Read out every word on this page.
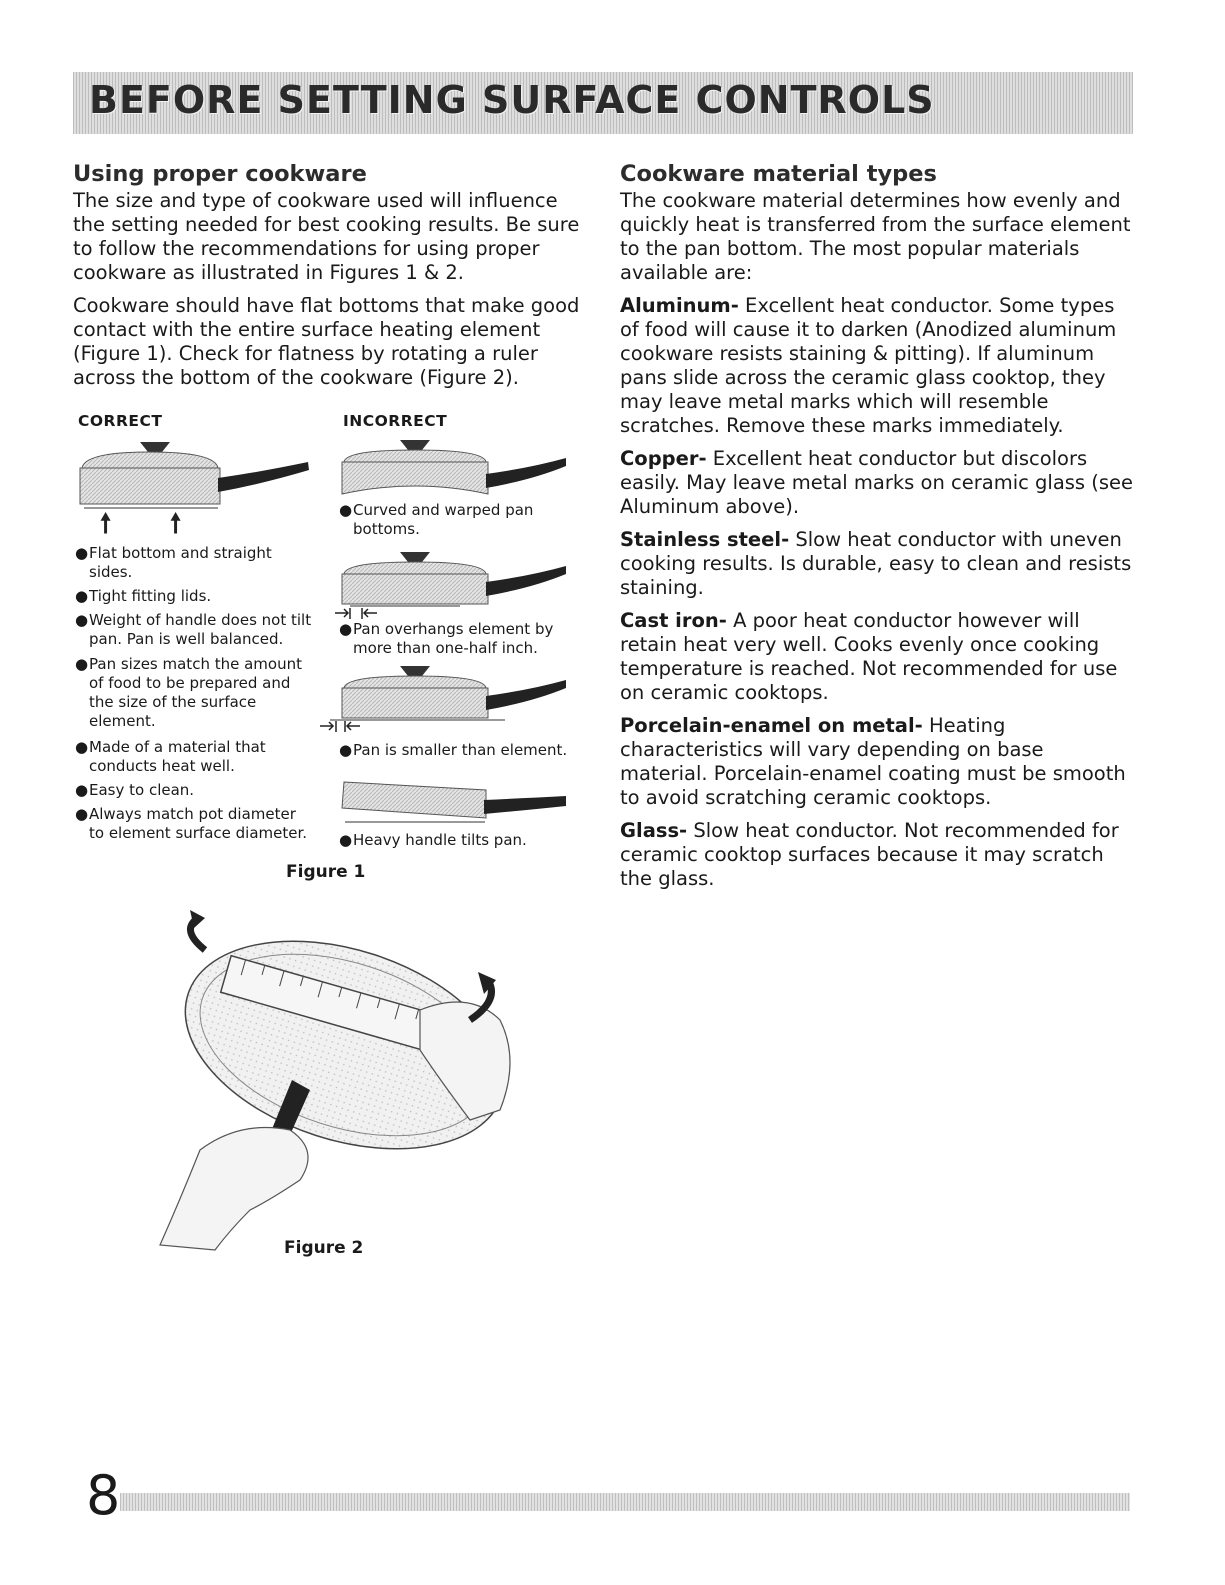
BEFORE SETTING SURFACE CONTROLS
Using proper cookware

The size and type of cookware used will influence the setting needed for best cooking results. Be sure to follow the recommendations for using proper cookware as illustrated in Figures 1 & 2.

Cookware should have flat bottoms that make good contact with the entire surface heating element (Figure 1). Check for flatness by rotating a ruler across the bottom of the cookware (Figure 2).

Cookware material types

The cookware material determines how evenly and quickly heat is transferred from the surface element to the pan bottom. The most popular materials available are:

Aluminum- Excellent heat conductor. Some types of food will cause it to darken (Anodized aluminum cookware resists staining & pitting). If aluminum pans slide across the ceramic glass cooktop, they may leave metal marks which will resemble scratches. Remove these marks immediately.

Copper- Excellent heat conductor but discolors easily. May leave metal marks on ceramic glass (see Aluminum above).

Stainless steel- Slow heat conductor with uneven cooking results. Is durable, easy to clean and resists staining.

Cast iron- A poor heat conductor however will retain heat very well. Cooks evenly once cooking temperature is reached. Not recommended for use on ceramic cooktops.

Porcelain-enamel on metal- Heating characteristics will vary depending on base material. Porcelain-enamel coating must be smooth to avoid scratching ceramic cooktops.

Glass- Slow heat conductor. Not recommended for ceramic cooktop surfaces because it may scratch the glass.

CORRECT	INCORRECT
🠕 🠕
● Flat bottom and straight sides.
● Tight fitting lids.
● Weight of handle does not tilt pan. Pan is well balanced.
● Pan sizes match the amount of food to be prepared and the size of the surface element.
● Made of a material that conducts heat well.
● Easy to clean.
● Always match pot diameter to element surface diameter.
● Curved and warped pan bottoms.
● Pan overhangs element by more than one-half inch.
● Pan is smaller than element.
● Heavy handle tilts pan.
Figure 1
Figure 2
8
